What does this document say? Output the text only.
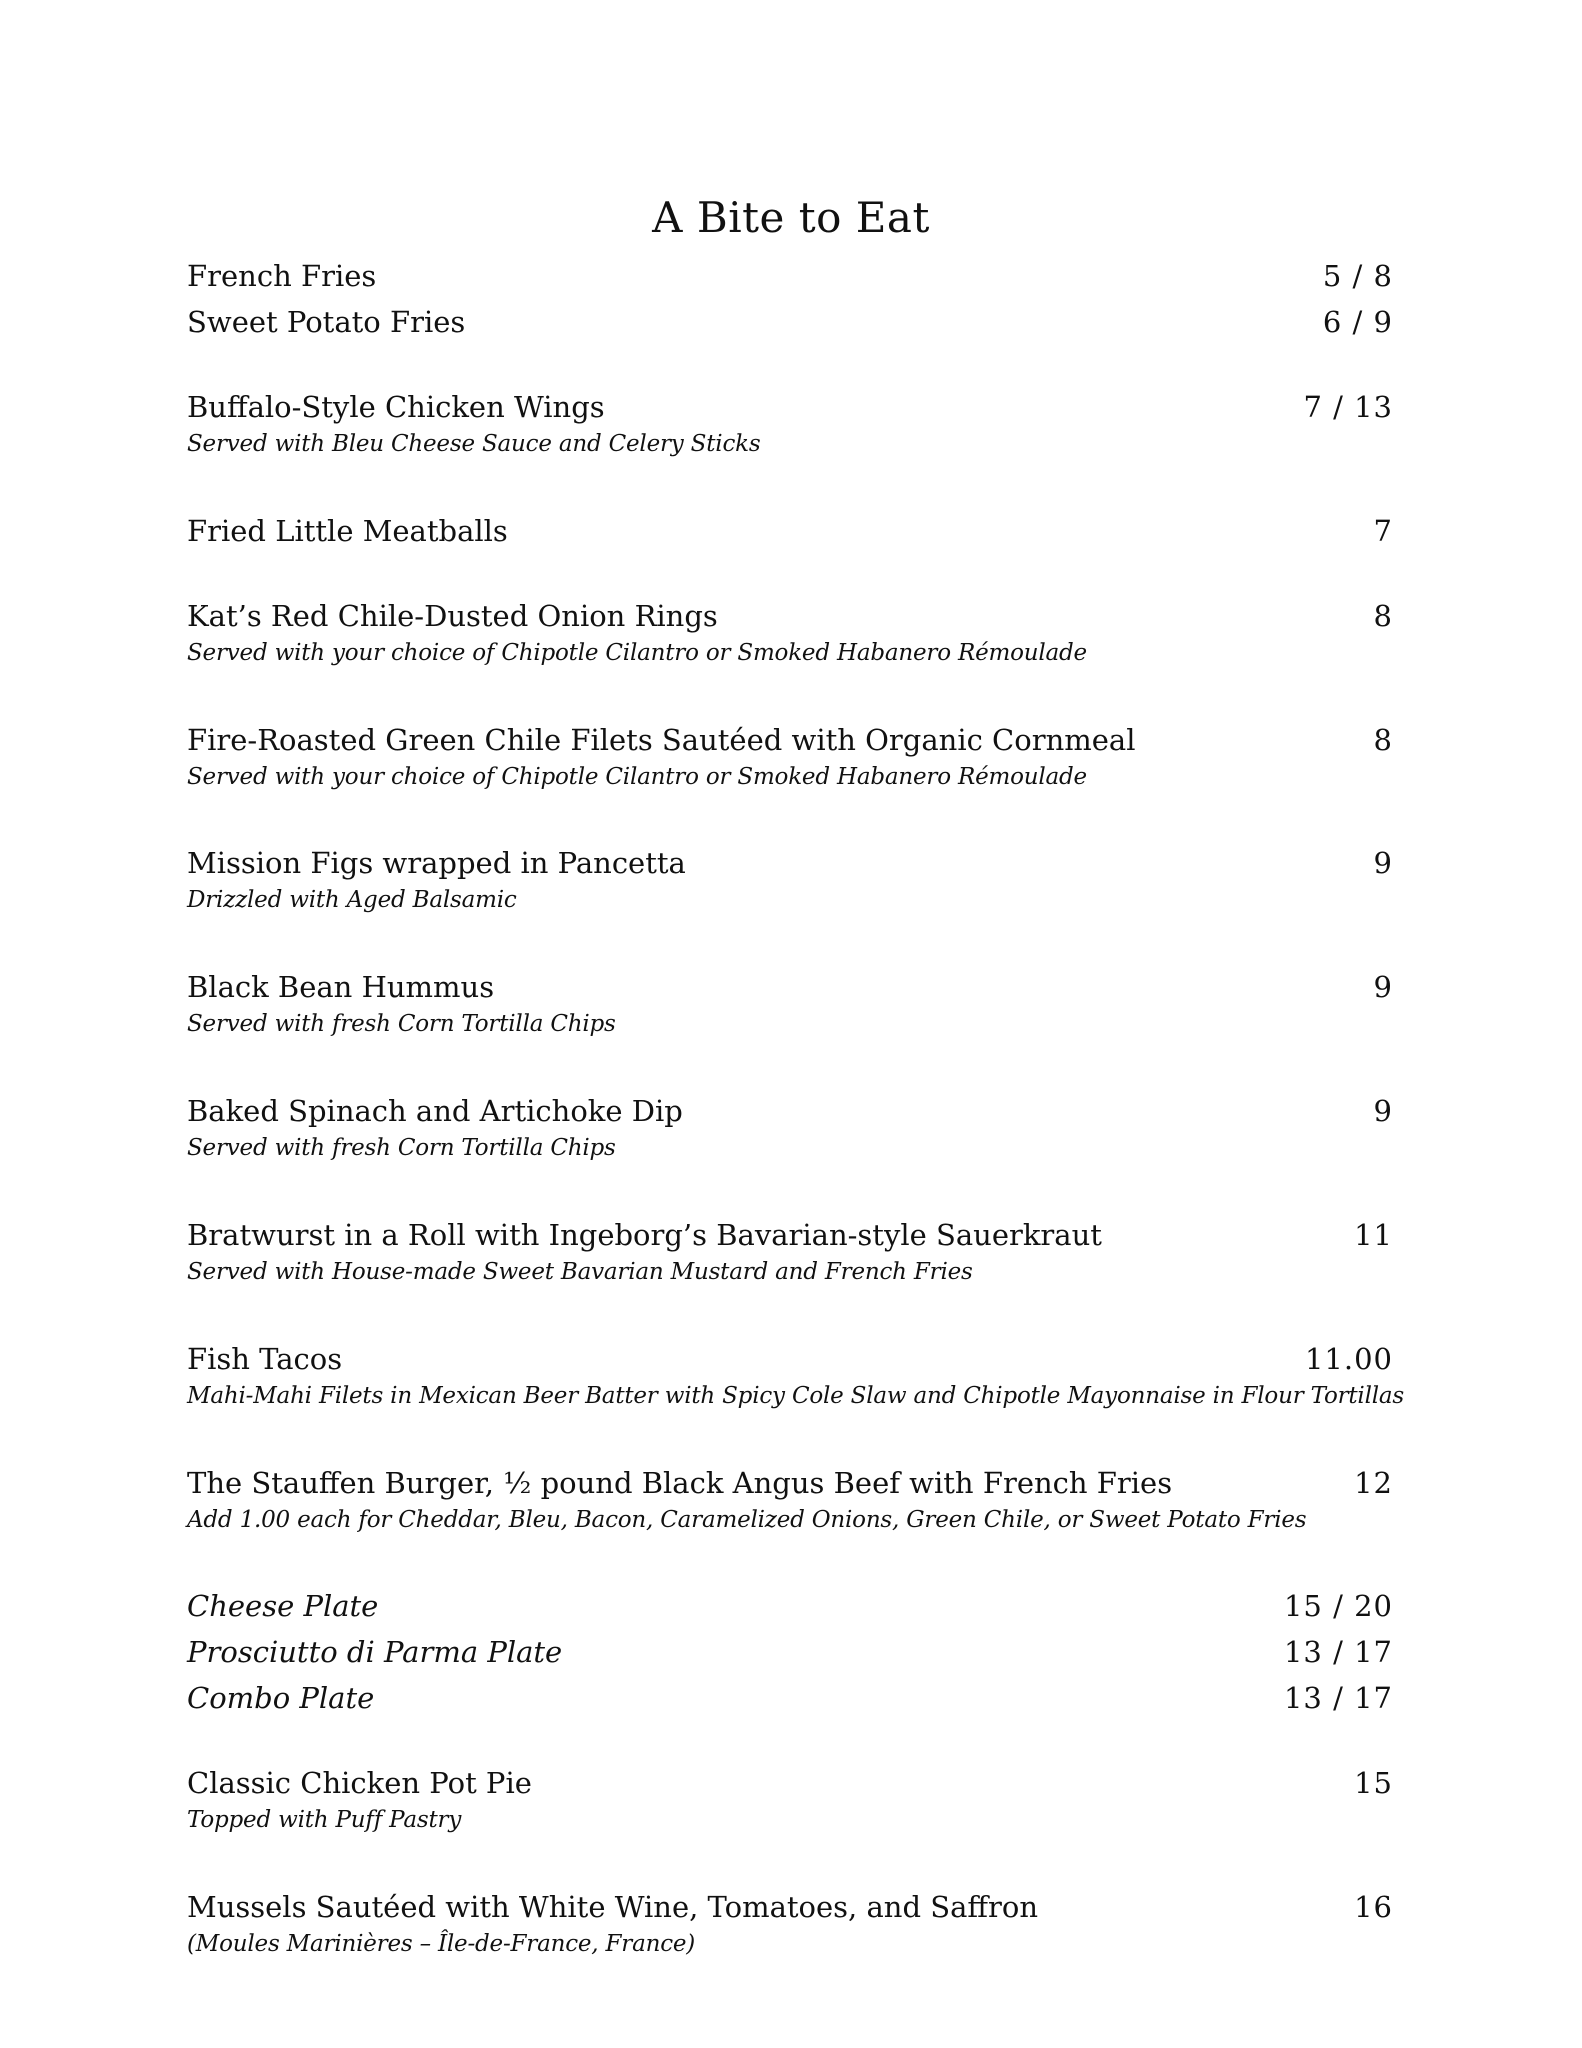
A Bite to Eat
French Fries	5 / 8
Sweet Potato Fries	6 / 9
Buffalo-Style Chicken Wings	7 / 13
Served with Bleu Cheese Sauce and Celery Sticks
Fried Little Meatballs	7
Kat’s Red Chile-Dusted Onion Rings	8
Served with your choice of Chipotle Cilantro or Smoked Habanero Rémoulade
Fire-Roasted Green Chile Filets Sautéed with Organic Cornmeal	8
Served with your choice of Chipotle Cilantro or Smoked Habanero Rémoulade
Mission Figs wrapped in Pancetta	9
Drizzled with Aged Balsamic
Black Bean Hummus	9
Served with fresh Corn Tortilla Chips
Baked Spinach and Artichoke Dip	9
Served with fresh Corn Tortilla Chips
Bratwurst in a Roll with Ingeborg’s Bavarian-style Sauerkraut	11
Served with House-made Sweet Bavarian Mustard and French Fries
Fish Tacos	11.00
Mahi-Mahi Filets in Mexican Beer Batter with Spicy Cole Slaw and Chipotle Mayonnaise in Flour Tortillas
The Stauffen Burger, ½ pound Black Angus Beef with French Fries	12
Add 1.00 each for Cheddar, Bleu, Bacon, Caramelized Onions, Green Chile, or Sweet Potato Fries
Cheese Plate	15 / 20
Prosciutto di Parma Plate	13 / 17
Combo Plate	13 / 17
Classic Chicken Pot Pie	15
Topped with Puff Pastry
Mussels Sautéed with White Wine, Tomatoes, and Saffron	16
(Moules Marinières – Île-de-France, France)
